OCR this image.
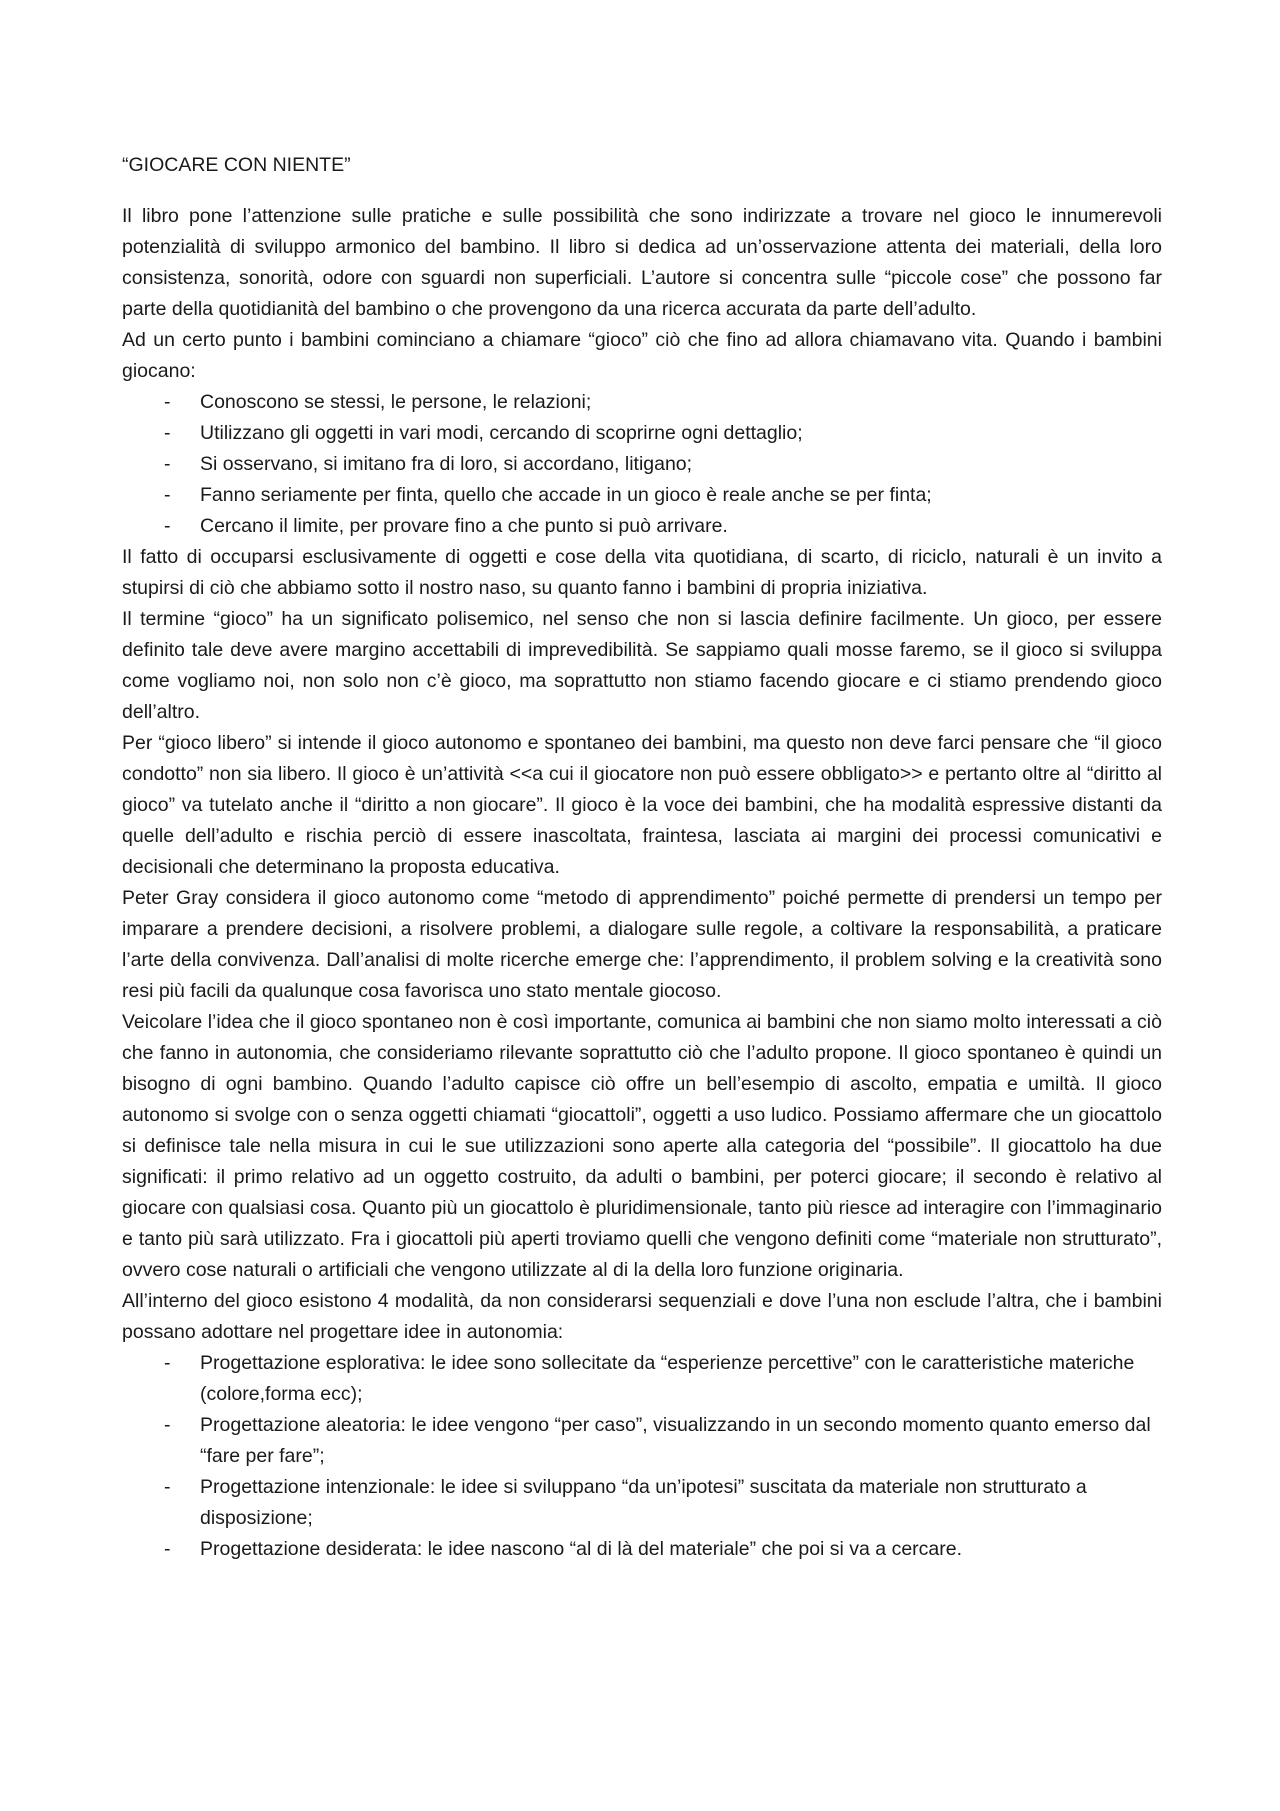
“GIOCARE CON NIENTE”

Il libro pone l’attenzione sulle pratiche e sulle possibilità che sono indirizzate a trovare nel gioco le innumerevoli potenzialità di sviluppo armonico del bambino. Il libro si dedica ad un’osservazione attenta dei materiali, della loro consistenza, sonorità, odore con sguardi non superficiali. L’autore si concentra sulle “piccole cose” che possono far parte della quotidianità del bambino o che provengono da una ricerca accurata da parte dell’adulto.

Ad un certo punto i bambini cominciano a chiamare “gioco” ciò che fino ad allora chiamavano vita. Quando i bambini giocano:

- Conoscono se stessi, le persone, le relazioni;
- Utilizzano gli oggetti in vari modi, cercando di scoprirne ogni dettaglio;
- Si osservano, si imitano fra di loro, si accordano, litigano;
- Fanno seriamente per finta, quello che accade in un gioco è reale anche se per finta;
- Cercano il limite, per provare fino a che punto si può arrivare.

Il fatto di occuparsi esclusivamente di oggetti e cose della vita quotidiana, di scarto, di riciclo, naturali è un invito a stupirsi di ciò che abbiamo sotto il nostro naso, su quanto fanno i bambini di propria iniziativa.

Il termine “gioco” ha un significato polisemico, nel senso che non si lascia definire facilmente. Un gioco, per essere definito tale deve avere margino accettabili di imprevedibilità. Se sappiamo quali mosse faremo, se il gioco si sviluppa come vogliamo noi, non solo non c’è gioco, ma soprattutto non stiamo facendo giocare e ci stiamo prendendo gioco dell’altro.

Per “gioco libero” si intende il gioco autonomo e spontaneo dei bambini, ma questo non deve farci pensare che “il gioco condotto” non sia libero. Il gioco è un’attività <<a cui il giocatore non può essere obbligato>> e pertanto oltre al “diritto al gioco” va tutelato anche il “diritto a non giocare”. Il gioco è la voce dei bambini, che ha modalità espressive distanti da quelle dell’adulto e rischia perciò di essere inascoltata, fraintesa, lasciata ai margini dei processi comunicativi e decisionali che determinano la proposta educativa.

Peter Gray considera il gioco autonomo come “metodo di apprendimento” poiché permette di prendersi un tempo per imparare a prendere decisioni, a risolvere problemi, a dialogare sulle regole, a coltivare la responsabilità, a praticare l’arte della convivenza. Dall’analisi di molte ricerche emerge che: l’apprendimento, il problem solving e la creatività sono resi più facili da qualunque cosa favorisca uno stato mentale giocoso.

Veicolare l’idea che il gioco spontaneo non è così importante, comunica ai bambini che non siamo molto interessati a ciò che fanno in autonomia, che consideriamo rilevante soprattutto ciò che l’adulto propone. Il gioco spontaneo è quindi un bisogno di ogni bambino. Quando l’adulto capisce ciò offre un bell’esempio di ascolto, empatia e umiltà. Il gioco autonomo si svolge con o senza oggetti chiamati “giocattoli”, oggetti a uso ludico. Possiamo affermare che un giocattolo si definisce tale nella misura in cui le sue utilizzazioni sono aperte alla categoria del “possibile”. Il giocattolo ha due significati: il primo relativo ad un oggetto costruito, da adulti o bambini, per poterci giocare; il secondo è relativo al giocare con qualsiasi cosa. Quanto più un giocattolo è pluridimensionale, tanto più riesce ad interagire con l’immaginario e tanto più sarà utilizzato. Fra i giocattoli più aperti troviamo quelli che vengono definiti come “materiale non strutturato”, ovvero cose naturali o artificiali che vengono utilizzate al di la della loro funzione originaria.

All’interno del gioco esistono 4 modalità, da non considerarsi sequenziali e dove l’una non esclude l’altra, che i bambini possano adottare nel progettare idee in autonomia:

- Progettazione esplorativa: le idee sono sollecitate da “esperienze percettive” con le caratteristiche materiche (colore,forma ecc);
- Progettazione aleatoria: le idee vengono “per caso”, visualizzando in un secondo momento quanto emerso dal “fare per fare”;
- Progettazione intenzionale: le idee si sviluppano “da un’ipotesi” suscitata da materiale non strutturato a disposizione;
- Progettazione desiderata: le idee nascono “al di là del materiale” che poi si va a cercare.
